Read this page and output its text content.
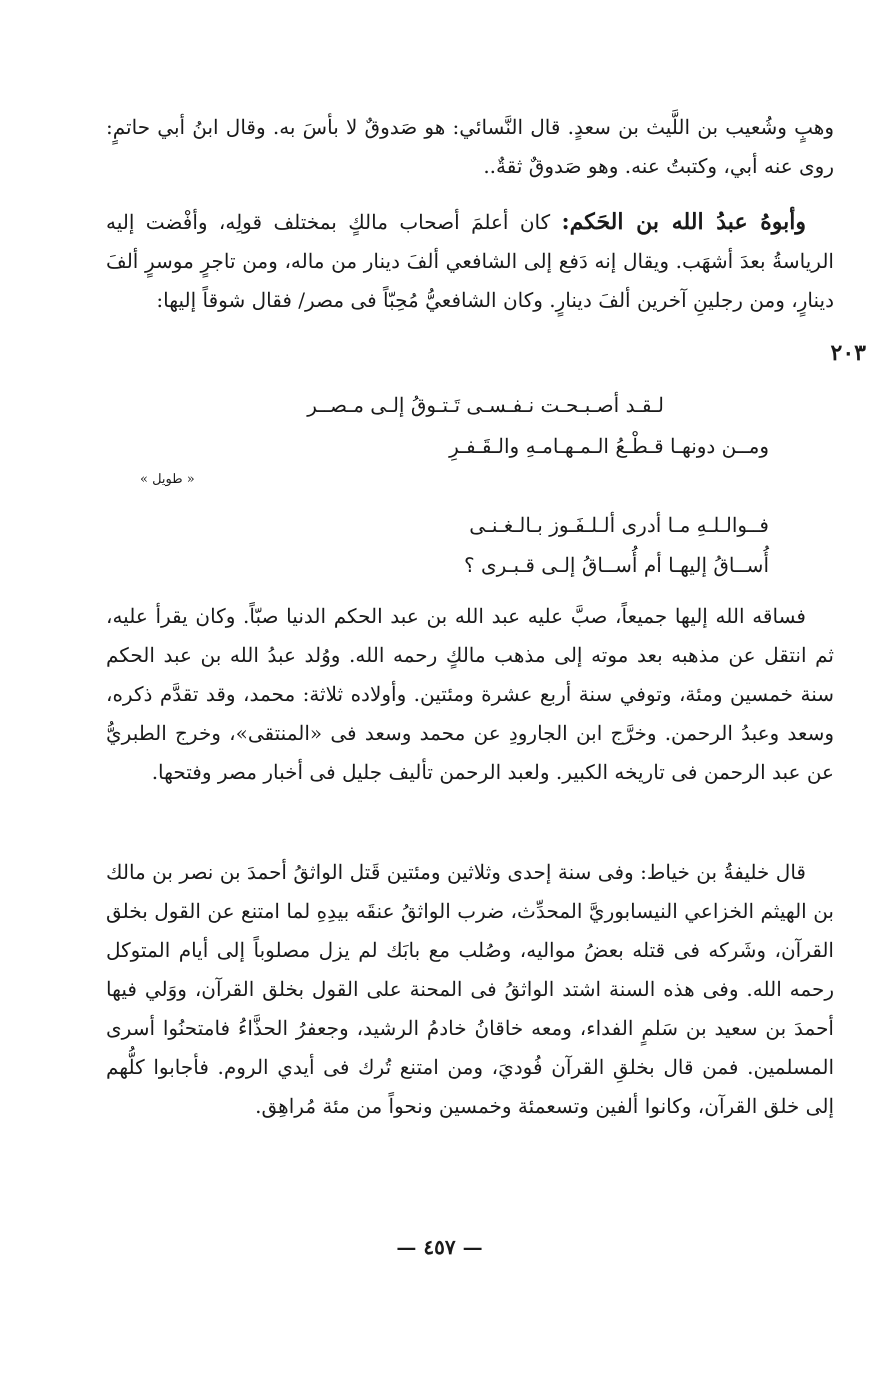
وهبٍ وشُعيب بن اللَّيث بن سعدٍ. قال النَّسائي: هو صَدوقٌ لا بأسَ به. وقال ابنُ أبي حاتمٍ: روى عنه أبي، وكتبتُ عنه. وهو صَدوقٌ ثقةٌ..

وأبوهُ عبدُ الله بن الحَكم: كان أعلمَ أصحاب مالكٍ بمختلف قولِه، وأفْضت إليه الرياسةُ بعدَ أشهَب. ويقال إنه دَفع إلى الشافعي ألفَ دينار من ماله، ومن تاجرٍ موسرٍ ألفَ دينارٍ، ومن رجلينِ آخرين ألفَ دينارٍ. وكان الشافعيُّ مُحِبّاً فى مصر/ فقال شوقاً إليها:

٢٠٣
لـقـد أصـبـحـت نـفـسـى تَـتـوقُ إلـى مـصــر
ومــن دونهـا قـطْـعُ الـمـهـامـهِ والـقَـفـرِ
« طويل »
فــوالـلـهِ مـا أدرى ألـلـفَـوز بـالـغـنـى
أُســاقُ إليهـا أم أُســاقُ إلـى قـبـرى ؟

فساقه الله إليها جميعاً، صبَّ عليه عبد الله بن عبد الحكم الدنيا صبّاً. وكان يقرأ عليه، ثم انتقل عن مذهبه بعد موته إلى مذهب مالكٍ رحمه الله. ووُلد عبدُ الله بن عبد الحكم سنة خمسين ومئة، وتوفي سنة أربع عشرة ومئتين. وأولاده ثلاثة: محمد، وقد تقدَّم ذكره، وسعد وعبدُ الرحمن. وخرَّج ابن الجارودِ عن محمد وسعد فى «المنتقى»، وخرج الطبريُّ عن عبد الرحمن فى تاريخه الكبير. ولعبد الرحمن تأليف جليل فى أخبار مصر وفتحها.

قال خليفةُ بن خياط: وفى سنة إحدى وثلاثين ومئتين قَتل الواثقُ أحمدَ بن نصر بن مالك بن الهيثم الخزاعي النيسابوريَّ المحدِّث، ضرب الواثقُ عنقَه بيدِهِ لما امتنع عن القول بخلق القرآن، وشَركه فى قتله بعضُ مواليه، وصُلب مع بابَك لم يزل مصلوباً إلى أيام المتوكل رحمه الله. وفى هذه السنة اشتد الواثقُ فى المحنة على القول بخلق القرآن، ووَلي فيها أحمدَ بن سعيد بن سَلمٍ الفداء، ومعه خاقانُ خادمُ الرشيد، وجعفرُ الحذَّاءُ فامتحنُوا أسرى المسلمين. فمن قال بخلقِ القرآن فُوديَ، ومن امتنع تُرك فى أيدي الروم. فأجابوا كلُّهم إلى خلق القرآن، وكانوا ألفين وتسعمئة وخمسين ونحواً من مئة مُراهِق.

— ٤٥٧ —
